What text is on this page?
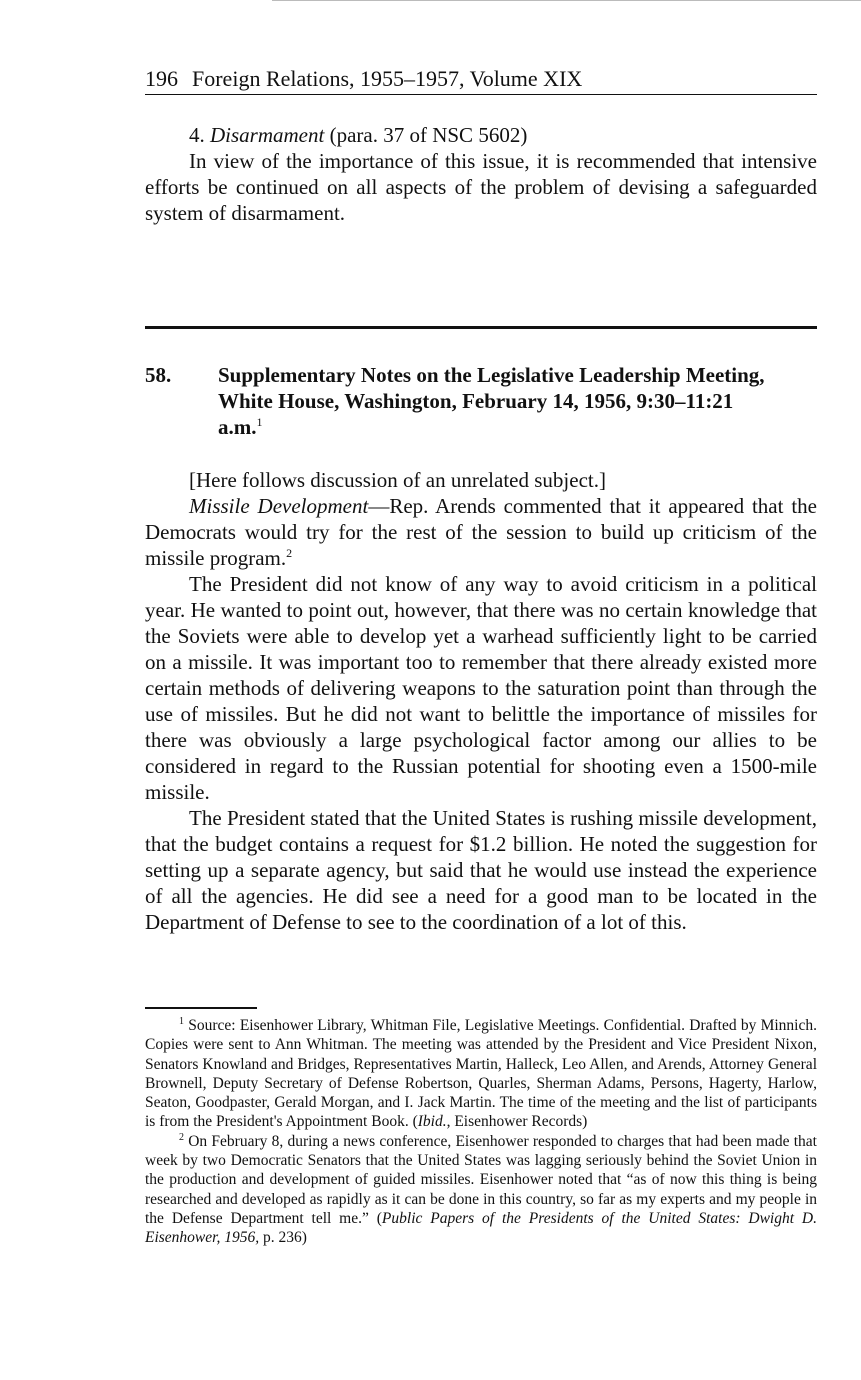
196 Foreign Relations, 1955–1957, Volume XIX

4. Disarmament (para. 37 of NSC 5602)

In view of the importance of this issue, it is recommended that intensive efforts be continued on all aspects of the problem of devising a safeguarded system of disarmament.

58. Supplementary Notes on the Legislative Leadership Meeting, White House, Washington, February 14, 1956, 9:30–11:21 a.m.$^1$

[Here follows discussion of an unrelated subject.]

Missile Development—Rep. Arends commented that it appeared that the Democrats would try for the rest of the session to build up criticism of the missile program.$^2$

The President did not know of any way to avoid criticism in a political year. He wanted to point out, however, that there was no certain knowledge that the Soviets were able to develop yet a warhead sufficiently light to be carried on a missile. It was important too to remember that there already existed more certain methods of delivering weapons to the saturation point than through the use of missiles. But he did not want to belittle the importance of missiles for there was obviously a large psychological factor among our allies to be considered in regard to the Russian potential for shooting even a 1500-mile missile.

The President stated that the United States is rushing missile development, that the budget contains a request for $1.2 billion. He noted the suggestion for setting up a separate agency, but said that he would use instead the experience of all the agencies. He did see a need for a good man to be located in the Department of Defense to see to the coordination of a lot of this.

$^1$ Source: Eisenhower Library, Whitman File, Legislative Meetings. Confidential. Drafted by Minnich. Copies were sent to Ann Whitman. The meeting was attended by the President and Vice President Nixon, Senators Knowland and Bridges, Representatives Martin, Halleck, Leo Allen, and Arends, Attorney General Brownell, Deputy Secretary of Defense Robertson, Quarles, Sherman Adams, Persons, Hagerty, Harlow, Seaton, Goodpaster, Gerald Morgan, and I. Jack Martin. The time of the meeting and the list of participants is from the President's Appointment Book. (Ibid., Eisenhower Records)

$^2$ On February 8, during a news conference, Eisenhower responded to charges that had been made that week by two Democratic Senators that the United States was lagging seriously behind the Soviet Union in the production and development of guided missiles. Eisenhower noted that “as of now this thing is being researched and developed as rapidly as it can be done in this country, so far as my experts and my people in the Defense Department tell me.” (Public Papers of the Presidents of the United States: Dwight D. Eisenhower, 1956, p. 236)
